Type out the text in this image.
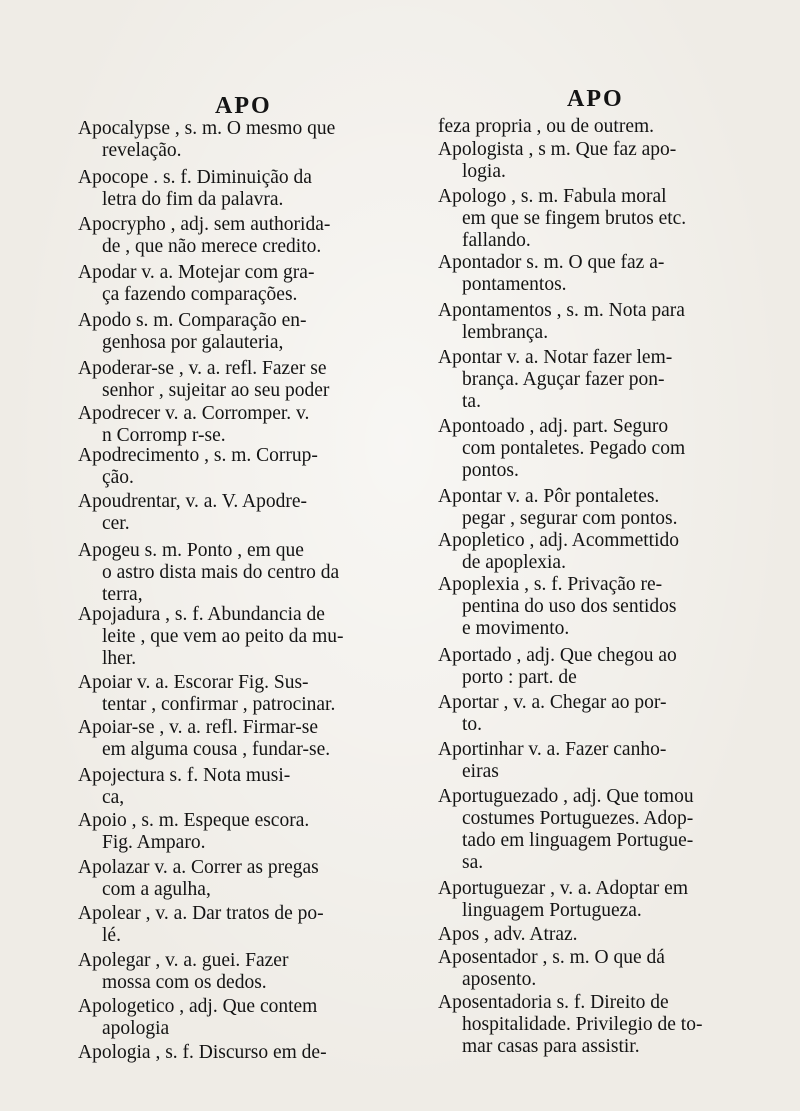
APO
Apocalypse , s. m. O mesmo que
revelação.
Apocope . s. f. Diminuição da
letra do fim da palavra.
Apocrypho , adj. sem authorida-
de , que não merece credito.
Apodar v. a. Motejar com gra-
ça fazendo comparações.
Apodo s. m. Comparação en-
genhosa por galauteria,
Apoderar-se , v. a. refl. Fazer se
senhor , sujeitar ao seu poder
Apodrecer v. a. Corromper. v.
n Corromp r-se.
Apodrecimento , s. m. Corrup-
ção.
Apoudrentar, v. a. V. Apodre-
cer.
Apogeu s. m. Ponto , em que
o astro dista mais do centro da
terra,
Apojadura , s. f. Abundancia de
leite , que vem ao peito da mu-
lher.
Apoiar v. a. Escorar Fig. Sus-
tentar , confirmar , patrocinar.
Apoiar-se , v. a. refl. Firmar-se
em alguma cousa , fundar-se.
Apojectura s. f. Nota musi-
ca,
Apoio , s. m. Espeque escora.
Fig. Amparo.
Apolazar v. a. Correr as pregas
com a agulha,
Apolear , v. a. Dar tratos de po-
lé.
Apolegar , v. a. guei. Fazer
mossa com os dedos.
Apologetico , adj. Que contem
apologia
Apologia , s. f. Discurso em de-
APO
feza propria , ou de outrem.
Apologista , s m. Que faz apo-
logia.
Apologo , s. m. Fabula moral
em que se fingem brutos etc.
fallando.
Apontador s. m. O que faz a-
pontamentos.
Apontamentos , s. m. Nota para
lembrança.
Apontar v. a. Notar fazer lem-
brança. Aguçar fazer pon-
ta.
Apontoado , adj. part. Seguro
com pontaletes. Pegado com
pontos.
Apontar v. a. Pôr pontaletes.
pegar , segurar com pontos.
Apopletico , adj. Acommettido
de apoplexia.
Apoplexia , s. f. Privação re-
pentina do uso dos sentidos
e movimento.
Aportado , adj. Que chegou ao
porto : part. de
Aportar , v. a. Chegar ao por-
to.
Aportinhar v. a. Fazer canho-
eiras
Aportuguezado , adj. Que tomou
costumes Portuguezes. Adop-
tado em linguagem Portugue-
sa.
Aportuguezar , v. a. Adoptar em
linguagem Portugueza.
Apos , adv. Atraz.
Aposentador , s. m. O que dá
aposento.
Aposentadoria s. f. Direito de
hospitalidade. Privilegio de to-
mar casas para assistir.
